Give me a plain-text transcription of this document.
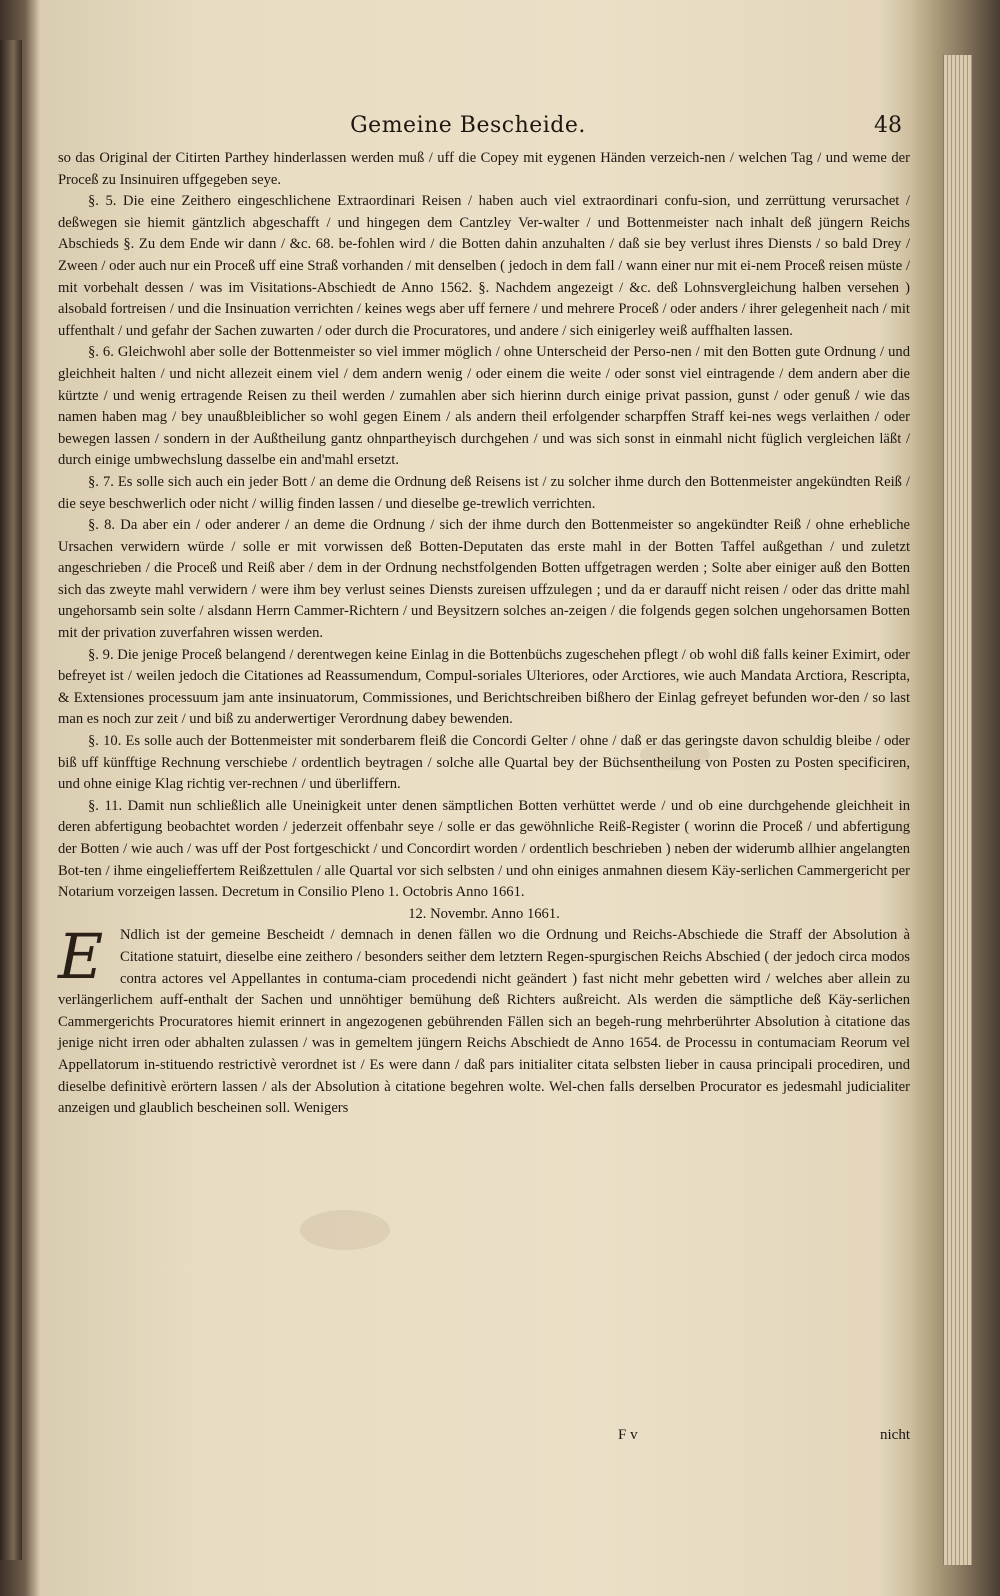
Gemeine Bescheide.	48

so das Original der Citirten Parthey hinderlassen werden muß / uff die Copey mit eygenen Händen verzeich-nen / welchen Tag / und weme der Proceß zu Insinuiren uffgegeben seye.

§. 5. Die eine Zeithero eingeschlichene Extraordinari Reisen / haben auch viel extraordinari confu-sion, und zerrüttung verursachet / deßwegen sie hiemit gäntzlich abgeschafft / und hingegen dem Cantzley Ver-walter / und Bottenmeister nach inhalt deß jüngern Reichs Abschieds §. Zu dem Ende wir dann / &c. 68. be-fohlen wird / die Botten dahin anzuhalten / daß sie bey verlust ihres Diensts / so bald Drey / Zween / oder auch nur ein Proceß uff eine Straß vorhanden / mit denselben ( jedoch in dem fall / wann einer nur mit ei-nem Proceß reisen müste / mit vorbehalt dessen / was im Visitations-Abschiedt de Anno 1562. §. Nachdem angezeigt / &c. deß Lohnsvergleichung halben versehen ) alsobald fortreisen / und die Insinuation verrichten / keines wegs aber uff fernere / und mehrere Proceß / oder anders / ihrer gelegenheit nach / mit uffenthalt / und gefahr der Sachen zuwarten / oder durch die Procuratores, und andere / sich einigerley weiß auffhalten lassen.

§. 6. Gleichwohl aber solle der Bottenmeister so viel immer möglich / ohne Unterscheid der Perso-nen / mit den Botten gute Ordnung / und gleichheit halten / und nicht allezeit einem viel / dem andern wenig / oder einem die weite / oder sonst viel eintragende / dem andern aber die kürtzte / und wenig ertragende Reisen zu theil werden / zumahlen aber sich hierinn durch einige privat passion, gunst / oder genuß / wie das namen haben mag / bey unaußbleiblicher so wohl gegen Einem / als andern theil erfolgender scharpffen Straff kei-nes wegs verlaithen / oder bewegen lassen / sondern in der Außtheilung gantz ohnpartheyisch durchgehen / und was sich sonst in einmahl nicht füglich vergleichen läßt / durch einige umbwechslung dasselbe ein and'mahl ersetzt.

§. 7. Es solle sich auch ein jeder Bott / an deme die Ordnung deß Reisens ist / zu solcher ihme durch den Bottenmeister angekündten Reiß / die seye beschwerlich oder nicht / willig finden lassen / und dieselbe ge-trewlich verrichten.

§. 8. Da aber ein / oder anderer / an deme die Ordnung / sich der ihme durch den Bottenmeister so angekündter Reiß / ohne erhebliche Ursachen verwidern würde / solle er mit vorwissen deß Botten-Deputaten das erste mahl in der Botten Taffel außgethan / und zuletzt angeschrieben / die Proceß und Reiß aber / dem in der Ordnung nechstfolgenden Botten uffgetragen werden ; Solte aber einiger auß den Botten sich das zweyte mahl verwidern / were ihm bey verlust seines Diensts zureisen uffzulegen ; und da er darauff nicht reisen / oder das dritte mahl ungehorsamb sein solte / alsdann Herrn Cammer-Richtern / und Beysitzern solches an-zeigen / die folgends gegen solchen ungehorsamen Botten mit der privation zuverfahren wissen werden.

§. 9. Die jenige Proceß belangend / derentwegen keine Einlag in die Bottenbüchs zugeschehen pflegt / ob wohl diß falls keiner Eximirt, oder befreyet ist / weilen jedoch die Citationes ad Reassumendum, Compul-soriales Ulteriores, oder Arctiores, wie auch Mandata Arctiora, Rescripta, & Extensiones processuum jam ante insinuatorum, Commissiones, und Berichtschreiben bißhero der Einlag gefreyet befunden wor-den / so last man es noch zur zeit / und biß zu anderwertiger Verordnung dabey bewenden.

§. 10. Es solle auch der Bottenmeister mit sonderbarem fleiß die Concordi Gelter / ohne / daß er das geringste davon schuldig bleibe / oder biß uff künfftige Rechnung verschiebe / ordentlich beytragen / solche alle Quartal bey der Büchsentheilung von Posten zu Posten specificiren, und ohne einige Klag richtig ver-rechnen / und überliffern.

§. 11. Damit nun schließlich alle Uneinigkeit unter denen sämptlichen Botten verhüttet werde / und ob eine durchgehende gleichheit in deren abfertigung beobachtet worden / jederzeit offenbahr seye / solle er das gewöhnliche Reiß-Register ( worinn die Proceß / und abfertigung der Botten / wie auch / was uff der Post fortgeschickt / und Concordirt worden / ordentlich beschrieben ) neben der widerumb allhier angelangten Bot-ten / ihme eingelieffertem Reißzettulen / alle Quartal vor sich selbsten / und ohn einiges anmahnen diesem Käy-serlichen Cammergericht per Notarium vorzeigen lassen. Decretum in Consilio Pleno 1. Octobris Anno 1661.

12. Novembr. Anno 1661.

E	Ndlich ist der gemeine Bescheidt / demnach in denen fällen wo die Ordnung und Reichs-Abschiede die Straff der Absolution à Citatione statuirt, dieselbe eine zeithero / besonders seither dem letztern Regen-spurgischen Reichs Abschied ( der jedoch circa modos contra actores vel Appellantes in contuma-ciam procedendi nicht geändert ) fast nicht mehr gebetten wird / welches aber allein zu verlängerlichem auff-enthalt der Sachen und unnöhtiger bemühung deß Richters außreicht. Als werden die sämptliche deß Käy-serlichen Cammergerichts Procuratores hiemit erinnert in angezogenen gebührenden Fällen sich an begeh-rung mehrberührter Absolution à citatione das jenige nicht irren oder abhalten zulassen / was in gemeltem jüngern Reichs Abschiedt de Anno 1654. de Processu in contumaciam Reorum vel Appellatorum in-stituendo restrictivè verordnet ist / Es were dann / daß pars initialiter citata selbsten lieber in causa principali procediren, und dieselbe definitivè erörtern lassen / als der Absolution à citatione begehren wolte. Wel-chen falls derselben Procurator es jedesmahl judicialiter anzeigen und glaublich bescheinen soll. Wenigers

F v	nicht
